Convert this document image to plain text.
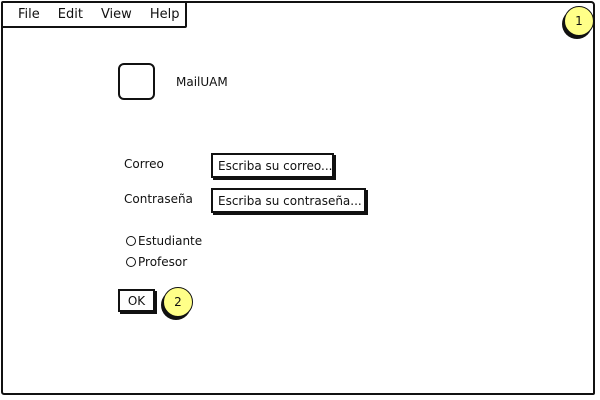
File Edit View Help	1
MailUAM
Correo	Escriba su correo...
Contraseña	Escriba su contraseña...
Estudiante
Profesor
OK	2
